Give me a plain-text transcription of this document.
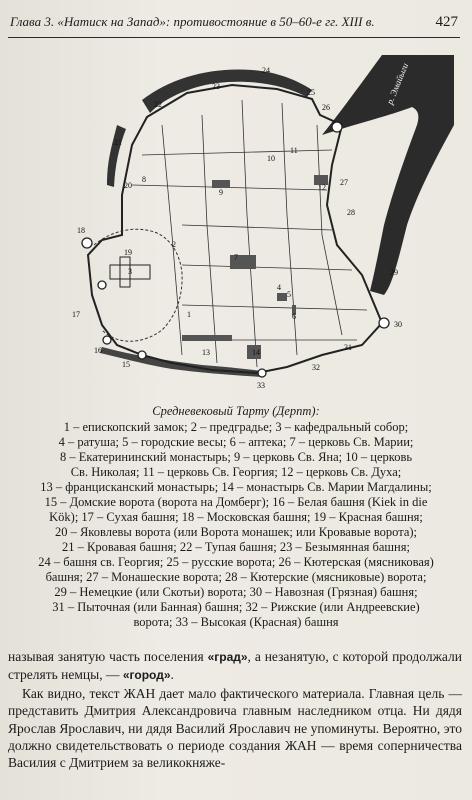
Глава 3. «Натиск на Запад»: противостояние в 50–60-е гг. XIII в.	427
р. Эмайыги
1
2
3
4
5
6
7
8
9
10
11
12
13	14
15
16
17
18
19
20
21
22
23
24
25
26
27
28
29
30
31
32
33
Средневековый Тарту (Дерпт):
1 – епископский замок; 2 – предградье; 3 – кафедральный собор;
4 – ратуша; 5 – городские весы; 6 – аптека; 7 – церковь Св. Марии;
8 – Екатерининский монастырь; 9 – церковь Св. Яна; 10 – церковь
Св. Николая; 11 – церковь Св. Георгия; 12 – церковь Св. Духа;
13 – францисканский монастырь; 14 – монастырь Св. Марии Магдалины;
15 – Домские ворота (ворота на Домберг); 16 – Белая башня (Kiek in die
Kök); 17 – Сухая башня; 18 – Московская башня; 19 – Красная башня;
20 – Яковлевы ворота (или Ворота монашек; или Кровавые ворота);
21 – Кровавая башня; 22 – Тупая башня; 23 – Безымянная башня;
24 – башня св. Георгия; 25 – русские ворота; 26 – Кютерская (мясниковая)
башня; 27 – Монашеские ворота; 28 – Кютерские (мясниковые) ворота;
29 – Немецкие (или Скотьи) ворота; 30 – Навозная (Грязная) башня;
31 – Пыточная (или Банная) башня; 32 – Рижские (или Андреевские)
ворота; 33 – Высокая (Красная) башня

называя занятую часть поселения «град», а незанятую, с которой продолжали стрелять немцы, — «город».

Как видно, текст ЖАН дает мало фактического материала. Главная цель — представить Дмитрия Александровича главным наследником отца. Ни дядя Ярослав Ярославич, ни дядя Василий Ярославич не упоминуты. Вероятно, это должно свидетельствовать о периоде создания ЖАН — время соперничества Василия с Дмитрием за великокняже-
